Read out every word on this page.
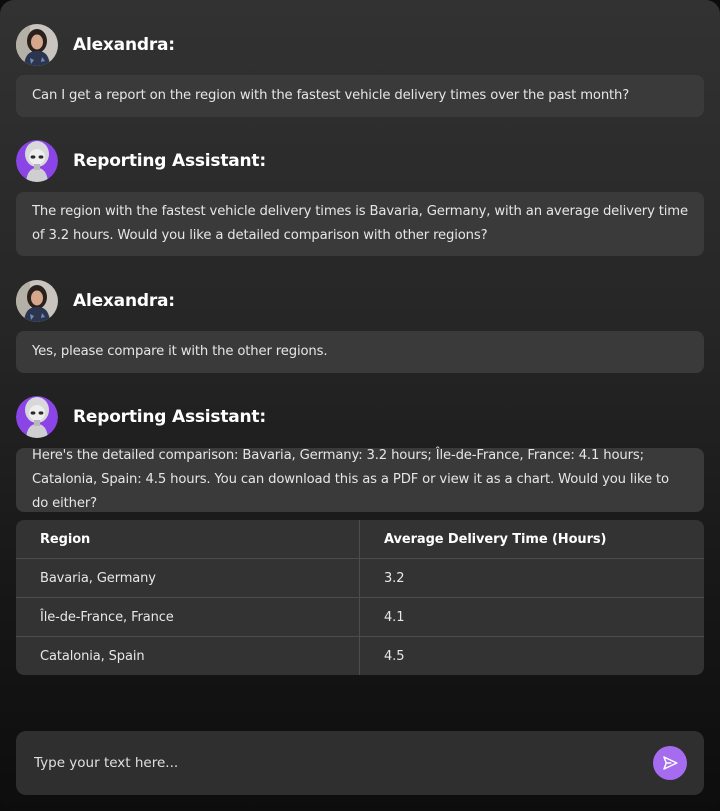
Alexandra:
Can I get a report on the region with the fastest vehicle delivery times over the past month?
Reporting Assistant:
The region with the fastest vehicle delivery times is Bavaria, Germany, with an average delivery time of 3.2 hours. Would you like a detailed comparison with other regions?
Alexandra:
Yes, please compare it with the other regions.
Reporting Assistant:
Here's the detailed comparison: Bavaria, Germany: 3.2 hours; Île-de-France, France: 4.1 hours; Catalonia, Spain: 4.5 hours. You can download this as a PDF or view it as a chart. Would you like to do either?
Region	Average Delivery Time (Hours)
Bavaria, Germany	3.2
Île-de-France, France	4.1
Catalonia, Spain	4.5
Type your text here...
